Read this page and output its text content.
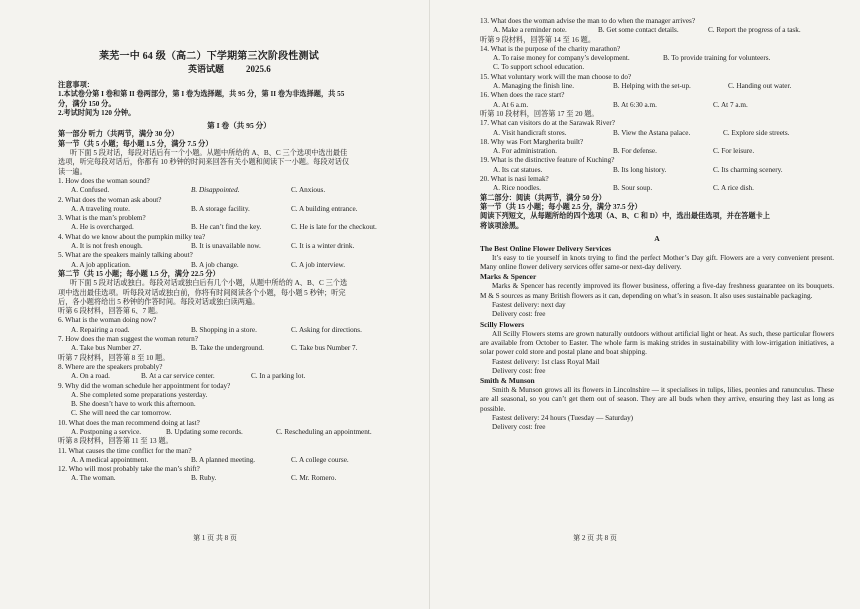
莱芜一中 64 级（高二）下学期第三次阶段性测试
英语试题 2025.6
注意事项：
1.本试卷分第 I 卷和第 II 卷两部分，第 I 卷为选择题，共 95 分，第 II 卷为非选择题，共 55
分，满分 150 分。
2.考试时间为 120 分钟。
第 I 卷（共 95 分）
第一部分 听力（共两节，满分 30 分）
第一节（共 5 小题；每小题 1.5 分，满分 7.5 分）
听下面 5 段对话，每段对话后有一个小题。从题中所给的 A、B、C 三个选项中选出最佳
选项，听完每段对话后，你都有 10 秒钟的时间来回答有关小题和阅读下一小题。每段对话仅
读一遍。
1. How does the woman sound?
A. Confused.	B. Disappointed.	C. Anxious.
2. What does the woman ask about?
A. A traveling route.	B. A storage facility.	C. A building entrance.
3. What is the man’s problem?
A. He is overcharged.	B. He can’t find the key.	C. He is late for the checkout.
4. What do we know about the pumpkin milky tea?
A. It is not fresh enough.	B. It is unavailable now.	C. It is a winter drink.
5. What are the speakers mainly talking about?
A. A job application.	B. A job change.	C. A job interview.
第二节（共 15 小题；每小题 1.5 分，满分 22.5 分）
听下面 5 段对话或独白。每段对话或独白后有几个小题，从题中所给的 A、B、C 三个选
项中选出最佳选项。听每段对话或独白前，你将有时间阅读各个小题，每小题 5 秒钟；听完
后，各小题将给出 5 秒钟的作答时间。每段对话或独白读两遍。
听第 6 段材料，回答第 6、7 题。
6. What is the woman doing now?
A. Repairing a road.	B. Shopping in a store.	C. Asking for directions.
7. How does the man suggest the woman return?
A. Take bus Number 27.	B. Take the underground.	C. Take bus Number 7.
听第 7 段材料，回答第 8 至 10 题。
8. Where are the speakers probably?
A. On a road.	B. At a car service center.	C. In a parking lot.
9. Why did the woman schedule her appointment for today?
A. She completed some preparations yesterday.
B. She doesn’t have to work this afternoon.
C. She will need the car tomorrow.
10. What does the man recommend doing at last?
A. Postponing a service.	B. Updating some records.	C. Rescheduling an appointment.
听第 8 段材料，回答第 11 至 13 题。
11. What causes the time conflict for the man?
A. A medical appointment.	B. A planned meeting.	C. A college course.
12. Who will most probably take the man’s shift?
A. The woman.	B. Ruby.	C. Mr. Romero.
第 1 页 共 8 页
13. What does the woman advise the man to do when the manager arrives?
A. Make a reminder note.	B. Get some contact details.	C. Report the progress of a task.
听第 9 段材料，回答第 14 至 16 题。
14. What is the purpose of the charity marathon?
A. To raise money for company’s development.	B. To provide training for volunteers.
C. To support school education.
15. What voluntary work will the man choose to do?
A. Managing the finish line.	B. Helping with the set-up.	C. Handing out water.
16. When does the race start?
A. At 6 a.m.	B. At 6:30 a.m.	C. At 7 a.m.
听第 10 段材料，回答第 17 至 20 题。
17. What can visitors do at the Sarawak River?
A. Visit handicraft stores.	B. View the Astana palace.	C. Explore side streets.
18. Why was Fort Margherita built?
A. For administration.	B. For defense.	C. For leisure.
19. What is the distinctive feature of Kuching?
A. Its cat statues.	B. Its long history.	C. Its charming scenery.
20. What is nasi lemak?
A. Rice noodles.	B. Sour soup.	C. A rice dish.
第二部分：阅读（共两节，满分 50 分）
第一节（共 15 小题；每小题 2.5 分，满分 37.5 分）
阅读下列短文，从每题所给的四个选项（A、B、C 和 D）中，选出最佳选项，并在答题卡上
将该项涂黑。
A
The Best Online Flower Delivery Services

It’s easy to tie yourself in knots trying to find the perfect Mother’s Day gift. Flowers are a very convenient present. Many online flower delivery services offer same-or next-day delivery.

Marks & Spencer

Marks & Spencer has recently improved its flower business, offering a five-day freshness guarantee on its bouquets. M & S sources as many British flowers as it can, depending on what’s in season. It also uses sustainable packaging.

Fastest delivery: next day
Delivery cost: free
Scilly Flowers

All Scilly Flowers stems are grown naturally outdoors without artificial light or heat. As such, these particular flowers are available from October to Easter. The whole farm is making strides in sustainability with low-irrigation initiatives, a solar power cold store and postal plane and boat shipping.

Fastest delivery: 1st class Royal Mail
Delivery cost: free
Smith & Munson

Smith & Munson grows all its flowers in Lincolnshire — it specialises in tulips, lilies, peonies and ranunculus. These are all seasonal, so you can’t get them out of season. They are all buds when they arrive, ensuring they last as long as possible.

Fastest delivery: 24 hours (Tuesday — Saturday)
Delivery cost: free
第 2 页 共 8 页
